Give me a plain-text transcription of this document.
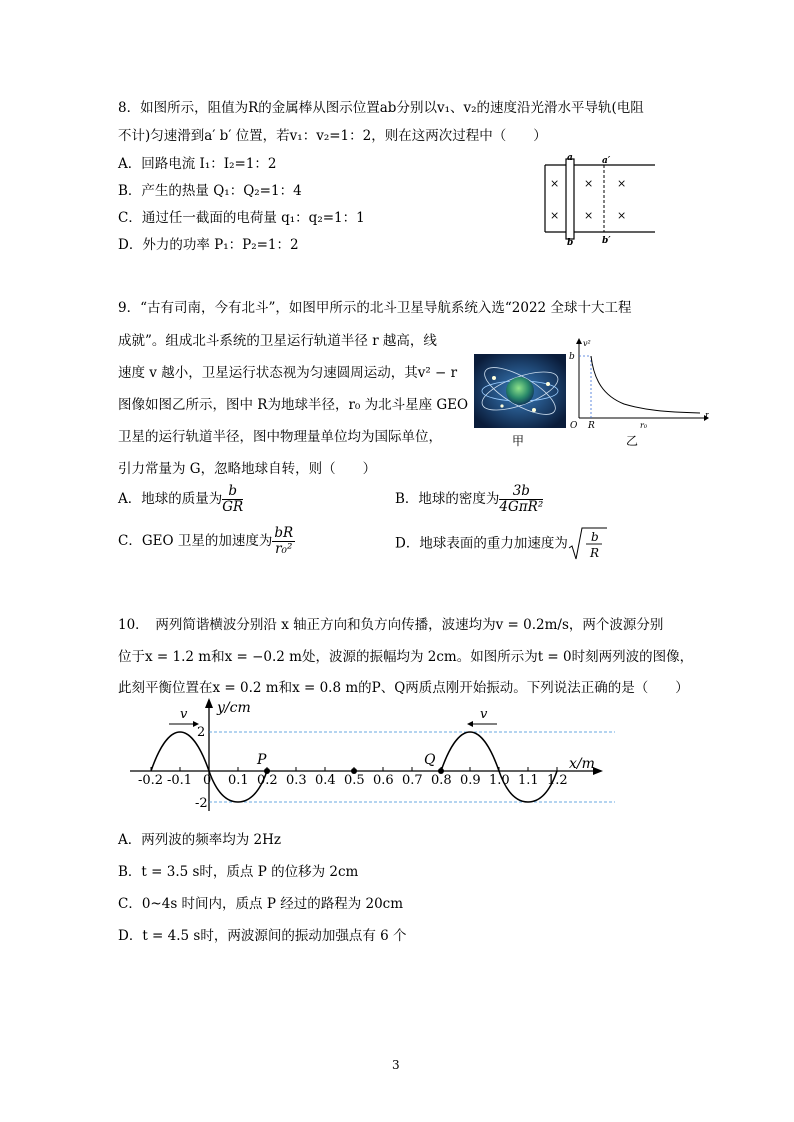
8．如图所示，阻值为R的金属棒从图示位置ab分别以v₁、v₂的速度沿光滑水平导轨(电阻
不计)匀速滑到a′ b′ 位置，若v₁：v₂=1：2，则在这两次过程中（　　）
A．回路电流 I₁：I₂=1：2
B．产生的热量 Q₁：Q₂=1：4
C．通过任一截面的电荷量 q₁：q₂=1：1
D．外力的功率 P₁：P₂=1：2
a
b
a′
b′
× × ×
× × ×
9．“古有司南，今有北斗”，如图甲所示的北斗卫星导航系统入选“2022 全球十大工程
成就”。组成北斗系统的卫星运行轨道半径 r 越高，线
速度 v 越小，卫星运行状态视为匀速圆周运动，其v² − r
图像如图乙所示，图中 R为地球半径，r₀ 为北斗星座 GEO
卫星的运行轨道半径，图中物理量单位均为国际单位，
引力常量为 G，忽略地球自转，则（　　）
甲
v²
b
O R	r₀
r
乙
A．地球的质量为 $\frac{b}{GR}$	B．地球的密度为 $\frac{3b}{\text{4GπR²}}$
C．GEO 卫星的加速度为 $\frac{bR}{\text{r₀²}}$	D．地球表面的重力加速度为 b
R
10．　两列简谐横波分别沿 x 轴正方向和负方向传播，波速均为v = 0.2m/s，两个波源分别
位于x = 1.2 m和x = −0.2 m处，波源的振幅均为 2cm。如图所示为t = 0时刻两列波的图像，
此刻平衡位置在x = 0.2 m和x = 0.8 m的P、Q两质点刚开始振动。下列说法正确的是（　　）
y/cm
x/m
2
-2
P	Q
-0.2 -0.1 0 0.1 0.2 0.3 0.4 0.5 0.6 0.7 0.8 0.9 1.0 1.1 1.2
v	v
A．两列波的频率均为 2Hz
B．t = 3.5 s时，质点 P 的位移为 2cm
C．0~4s 时间内，质点 P 经过的路程为 20cm
D．t = 4.5 s时，两波源间的振动加强点有 6 个
3
